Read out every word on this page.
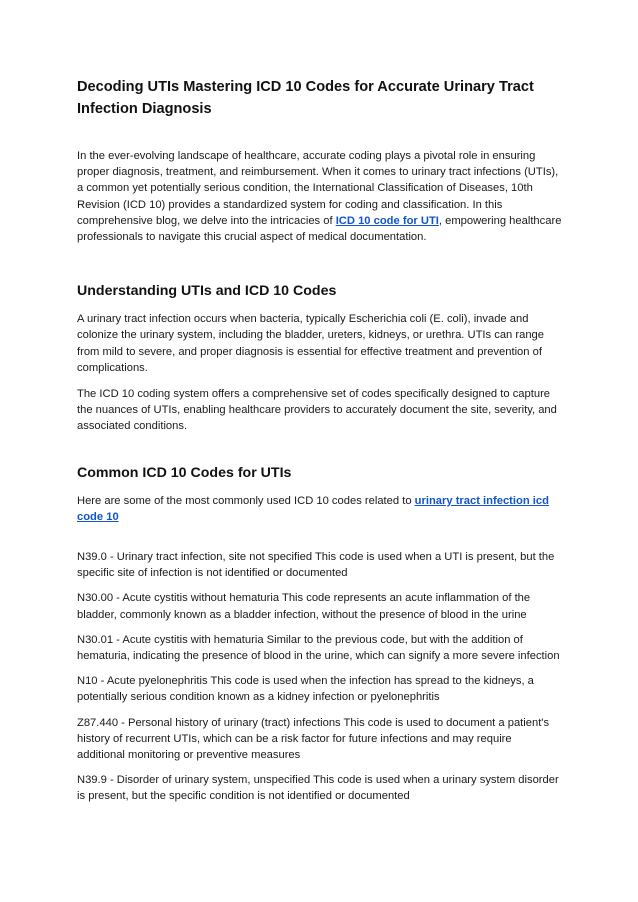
Decoding UTIs Mastering ICD 10 Codes for Accurate Urinary Tract Infection Diagnosis

In the ever-evolving landscape of healthcare, accurate coding plays a pivotal role in ensuring proper diagnosis, treatment, and reimbursement. When it comes to urinary tract infections (UTIs), a common yet potentially serious condition, the International Classification of Diseases, 10th Revision (ICD 10) provides a standardized system for coding and classification. In this comprehensive blog, we delve into the intricacies of ICD 10 code for UTI, empowering healthcare professionals to navigate this crucial aspect of medical documentation.

Understanding UTIs and ICD 10 Codes

A urinary tract infection occurs when bacteria, typically Escherichia coli (E. coli), invade and colonize the urinary system, including the bladder, ureters, kidneys, or urethra. UTIs can range from mild to severe, and proper diagnosis is essential for effective treatment and prevention of complications.

The ICD 10 coding system offers a comprehensive set of codes specifically designed to capture the nuances of UTIs, enabling healthcare providers to accurately document the site, severity, and associated conditions.

Common ICD 10 Codes for UTIs

Here are some of the most commonly used ICD 10 codes related to urinary tract infection icd code 10

N39.0 - Urinary tract infection, site not specified This code is used when a UTI is present, but the specific site of infection is not identified or documented

N30.00 - Acute cystitis without hematuria This code represents an acute inflammation of the bladder, commonly known as a bladder infection, without the presence of blood in the urine

N30.01 - Acute cystitis with hematuria Similar to the previous code, but with the addition of hematuria, indicating the presence of blood in the urine, which can signify a more severe infection

N10 - Acute pyelonephritis This code is used when the infection has spread to the kidneys, a potentially serious condition known as a kidney infection or pyelonephritis

Z87.440 - Personal history of urinary (tract) infections This code is used to document a patient's history of recurrent UTIs, which can be a risk factor for future infections and may require additional monitoring or preventive measures

N39.9 - Disorder of urinary system, unspecified This code is used when a urinary system disorder is present, but the specific condition is not identified or documented
